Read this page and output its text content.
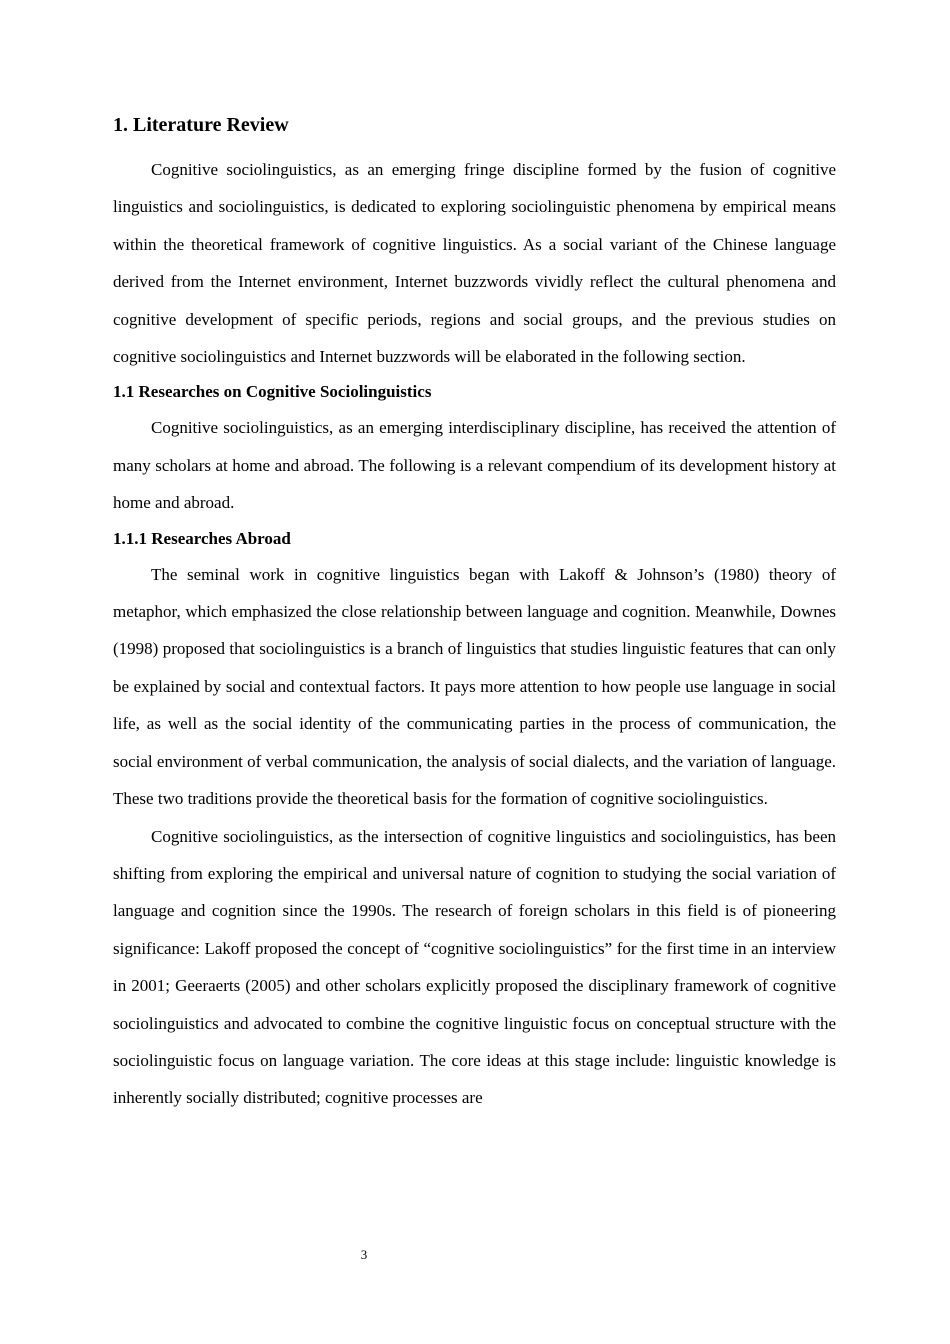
1. Literature Review

Cognitive sociolinguistics, as an emerging fringe discipline formed by the fusion of cognitive linguistics and sociolinguistics, is dedicated to exploring sociolinguistic phenomena by empirical means within the theoretical framework of cognitive linguistics. As a social variant of the Chinese language derived from the Internet environment, Internet buzzwords vividly reflect the cultural phenomena and cognitive development of specific periods, regions and social groups, and the previous studies on cognitive sociolinguistics and Internet buzzwords will be elaborated in the following section.

1.1 Researches on Cognitive Sociolinguistics

Cognitive sociolinguistics, as an emerging interdisciplinary discipline, has received the attention of many scholars at home and abroad. The following is a relevant compendium of its development history at home and abroad.

1.1.1 Researches Abroad

The seminal work in cognitive linguistics began with Lakoff & Johnson’s (1980) theory of metaphor, which emphasized the close relationship between language and cognition. Meanwhile, Downes (1998) proposed that sociolinguistics is a branch of linguistics that studies linguistic features that can only be explained by social and contextual factors. It pays more attention to how people use language in social life, as well as the social identity of the communicating parties in the process of communication, the social environment of verbal communication, the analysis of social dialects, and the variation of language. These two traditions provide the theoretical basis for the formation of cognitive sociolinguistics.

Cognitive sociolinguistics, as the intersection of cognitive linguistics and sociolinguistics, has been shifting from exploring the empirical and universal nature of cognition to studying the social variation of language and cognition since the 1990s. The research of foreign scholars in this field is of pioneering significance: Lakoff proposed the concept of “cognitive sociolinguistics” for the first time in an interview in 2001; Geeraerts (2005) and other scholars explicitly proposed the disciplinary framework of cognitive sociolinguistics and advocated to combine the cognitive linguistic focus on conceptual structure with the sociolinguistic focus on language variation. The core ideas at this stage include: linguistic knowledge is inherently socially distributed; cognitive processes are

3
